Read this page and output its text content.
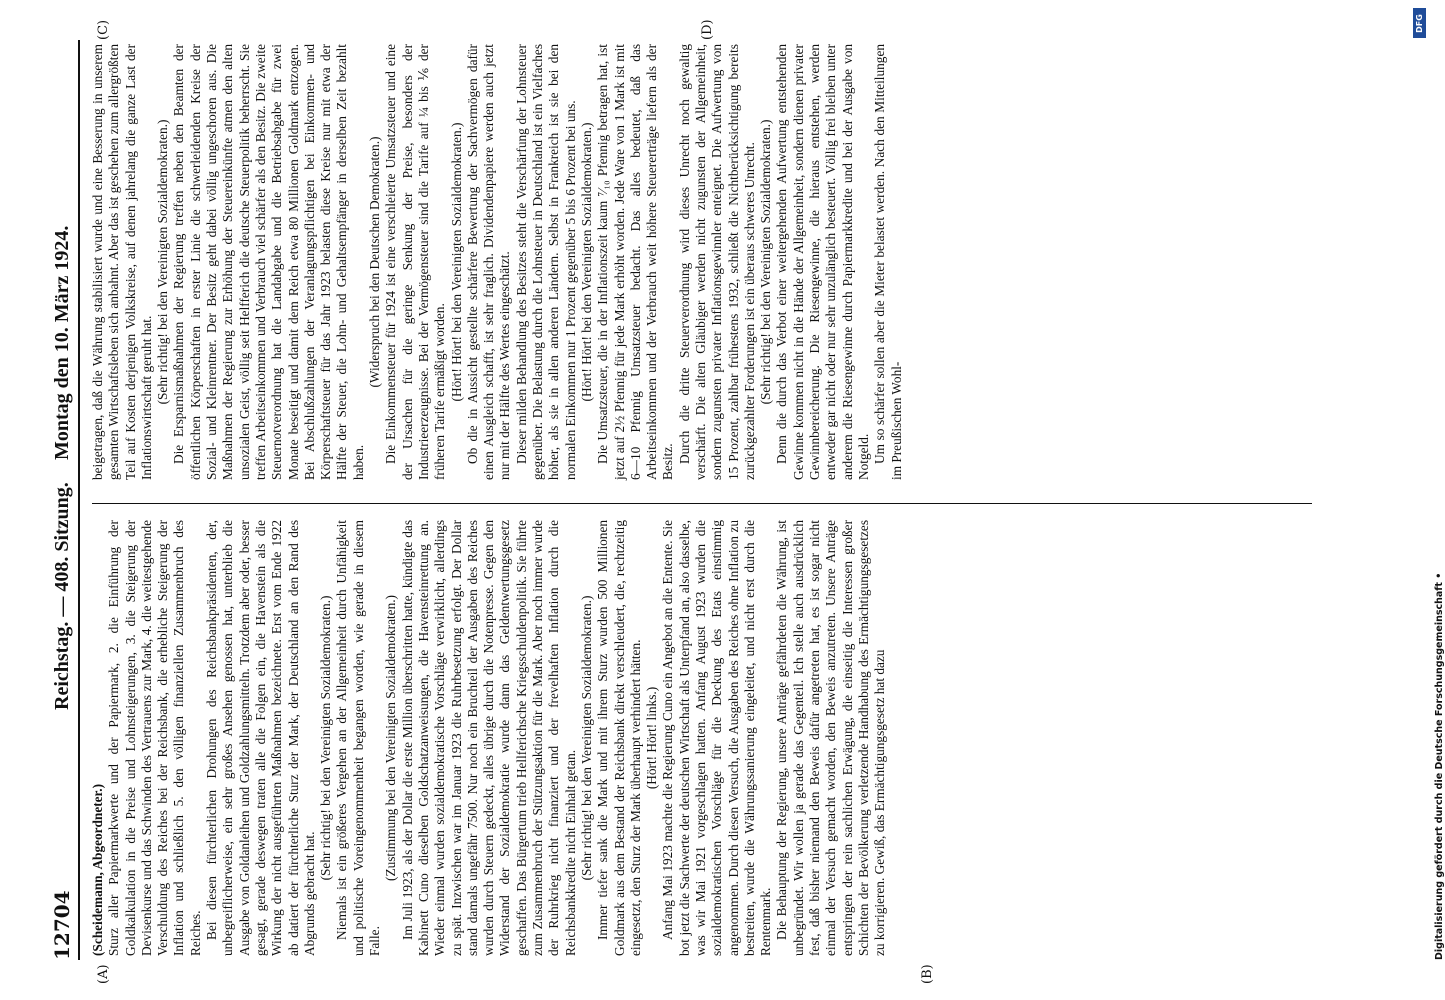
12704
Reichstag. — 408. Sitzung.
Montag den 10. März 1924.
(A)	(B)
(C)	(D)

(Scheidemann, Abgeordneter.) Sturz aller Papiermarkwerte und der Papiermark, 2. die Einführung der Goldkalkulation in die Preise und Lohnsteigerungen, 3. die Steigerung der Devisenkurse und das Schwinden des Vertrauens zur Mark, 4. die weitestgehende Verschuldung des Reiches bei der Reichsbank, die erhebliche Steigerung der Inflation und schließlich 5. den völligen finanziellen Zusammenbruch des Reiches. Bei diesen fürchterlichen Drohungen des Reichsbankpräsidenten, der, unbegreiflicherweise, ein sehr großes Ansehen genossen hat, unterblieb die Ausgabe von Goldanleihen und Goldzahlungsmitteln. Trotzdem aber oder, besser gesagt, gerade deswegen traten alle die Folgen ein, die Havenstein als die Wirkung der nicht ausgeführten Maßnahmen bezeichnete. Erst vom Ende 1922 ab datiert der fürchterliche Sturz der Mark, der Deutschland an den Rand des Abgrunds gebracht hat.

(Sehr richtig! bei den Vereinigten Sozialdemokraten.) Niemals ist ein größeres Vergehen an der Allgemeinheit durch Unfähigkeit und politische Voreingenommenheit begangen worden, wie gerade in diesem Falle.

(Zustimmung bei den Vereinigten Sozialdemokraten.) Im Juli 1923, als der Dollar die erste Million überschritten hatte, kündigte das Kabinett Cuno dieselben Goldschatzanweisungen, die Havensteinrettung an. Wieder einmal wurden sozialdemokratische Vorschläge verwirklicht, allerdings zu spät. Inzwischen war im Januar 1923 die Ruhrbesetzung erfolgt. Der Dollar stand damals ungefähr 7500. Nur noch ein Bruchteil der Ausgaben des Reiches wurden durch Steuern gedeckt, alles übrige durch die Notenpresse. Gegen den Widerstand der Sozialdemokratie wurde dann das Geldentwertungsgesetz geschaffen. Das Bürgertum trieb Hellferichsche Kriegsschuldenpolitik. Sie führte zum Zusammenbruch der Stützungsaktion für die Mark. Aber noch immer wurde der Ruhrkrieg nicht finanziert und der frevelhaften Inflation durch die Reichsbankkredite nicht Einhalt getan. (Sehr richtig! bei den Vereinigten Sozialdemokraten.) Immer tiefer sank die Mark und mit ihrem Sturz wurden 500 Millionen Goldmark aus dem Bestand der Reichsbank direkt verschleudert, die, rechtzeitig eingesetzt, den Sturz der Mark überhaupt verhindert hätten. (Hört! Hört! links.) Anfang Mai 1923 machte die Regierung Cuno ein Angebot an die Entente. Sie bot jetzt die Sachwerte der deutschen Wirtschaft als Unterpfand an, also dasselbe, was wir Mai 1921 vorgeschlagen hatten. Anfang August 1923 wurden die sozialdemokratischen Vorschläge für die Deckung des Etats einstimmig angenommen. Durch diesen Versuch, die Ausgaben des Reiches ohne Inflation zu bestreiten, wurde die Währungssanierung eingeleitet, und nicht erst durch die Rentenmark. Die Behauptung der Regierung, unsere Anträge gefährdeten die Währung, ist unbegründet. Wir wollen ja gerade das Gegenteil. Ich stelle auch ausdrücklich fest, daß bisher niemand den Beweis dafür angetreten hat, es ist sogar nicht einmal der Versuch gemacht worden, den Beweis anzutreten. Unsere Anträge entspringen der rein sachlichen Erwägung, die einseitig die Interessen großer Schichten der Bevölkerung verletzende Handhabung des Ermächtigungsgesetzes zu korrigieren. Gewiß, das Ermächtigungsgesetz hat dazu

beigetragen, daß die Währung stabilisiert wurde und eine Besserung in unserem gesamten Wirtschaftsleben sich anbahnt. Aber das ist geschehen zum allergrößten Teil auf Kosten derjenigen Volkskreise, auf denen jahrelang die ganze Last der Inflationswirtschaft geruht hat. (Sehr richtig! bei den Vereinigten Sozialdemokraten.) Die Ersparnismaßnahmen der Regierung treffen neben den Beamten der öffentlichen Körperschaften in erster Linie die schwerleidenden Kreise der Sozial- und Kleinrentner. Der Besitz geht dabei völlig ungeschoren aus. Die Maßnahmen der Regierung zur Erhöhung der Steuereinkünfte atmen den alten unsozialen Geist, völlig seit Helfferich die deutsche Steuerpolitik beherrscht. Sie treffen Arbeitseinkommen und Verbrauch viel schärfer als den Besitz. Die zweite Steuernotverordnung hat die Landabgabe und die Betriebsabgabe für zwei Monate beseitigt und damit dem Reich etwa 80 Millionen Goldmark entzogen. Bei Abschlußzahlungen der Veranlagungspflichtigen bei Einkommen- und Körperschaftsteuer für das Jahr 1923 belasten diese Kreise nur mit etwa der Hälfte der Steuer, die Lohn- und Gehaltsempfänger in derselben Zeit bezahlt haben.

(Widerspruch bei den Deutschen Demokraten.) Die Einkommensteuer für 1924 ist eine verschleierte Umsatzsteuer und eine der Ursachen für die geringe Senkung der Preise, besonders der Industrieerzeugnisse. Bei der Vermögensteuer sind die Tarife auf ¼ bis ⅙ der früheren Tarife ermäßigt worden. (Hört! Hört! bei den Vereinigten Sozialdemokraten.) Ob die in Aussicht gestellte schärfere Bewertung der Sachvermögen dafür einen Ausgleich schafft, ist sehr fraglich. Dividendenpapiere werden auch jetzt nur mit der Hälfte des Wertes eingeschätzt. Dieser milden Behandlung des Besitzes steht die Verschärfung der Lohnsteuer gegenüber. Die Belastung durch die Lohnsteuer in Deutschland ist ein Vielfaches höher, als sie in allen anderen Ländern. Selbst in Frankreich ist sie bei den normalen Einkommen nur 1 Prozent gegenüber 5 bis 6 Prozent bei uns. (Hört! Hört! bei den Vereinigten Sozialdemokraten.) Die Umsatzsteuer, die in der Inflationszeit kaum ⁷⁄₁₀ Pfennig betragen hat, ist jetzt auf 2½ Pfennig für jede Mark erhöht worden. Jede Ware von 1 Mark ist mit 6—10 Pfennig Umsatzsteuer bedacht. Das alles bedeutet, daß das Arbeitseinkommen und der Verbrauch weit höhere Steuererträge liefern als der Besitz. Durch die dritte Steuerverordnung wird dieses Unrecht noch gewaltig verschärft. Die alten Gläubiger werden nicht zugunsten der Allgemeinheit, sondern zugunsten privater Inflationsgewinnler enteignet. Die Aufwertung von 15 Prozent, zahlbar frühestens 1932, schließt die Nichtberücksichtigung bereits zurückgezahlter Forderungen ist ein überaus schweres Unrecht. (Sehr richtig! bei den Vereinigten Sozialdemokraten.) Denn die durch das Verbot einer weitergehenden Aufwertung entstehenden Gewinne kommen nicht in die Hände der Allgemeinheit, sondern dienen privater Gewinnbereicherung. Die Riesengewinne, die hieraus entstehen, werden entweder gar nicht oder nur sehr unzulänglich besteuert. Völlig frei bleiben unter anderem die Riesengewinne durch Papiermarkkredite und bei der Ausgabe von Notgeld. Um so schärfer sollen aber die Mieter belastet werden. Nach den Mitteilungen im Preußischen Wohl-

Digitalisierung gefördert durch die Deutsche Forschungsgemeinschaft •
DFG
